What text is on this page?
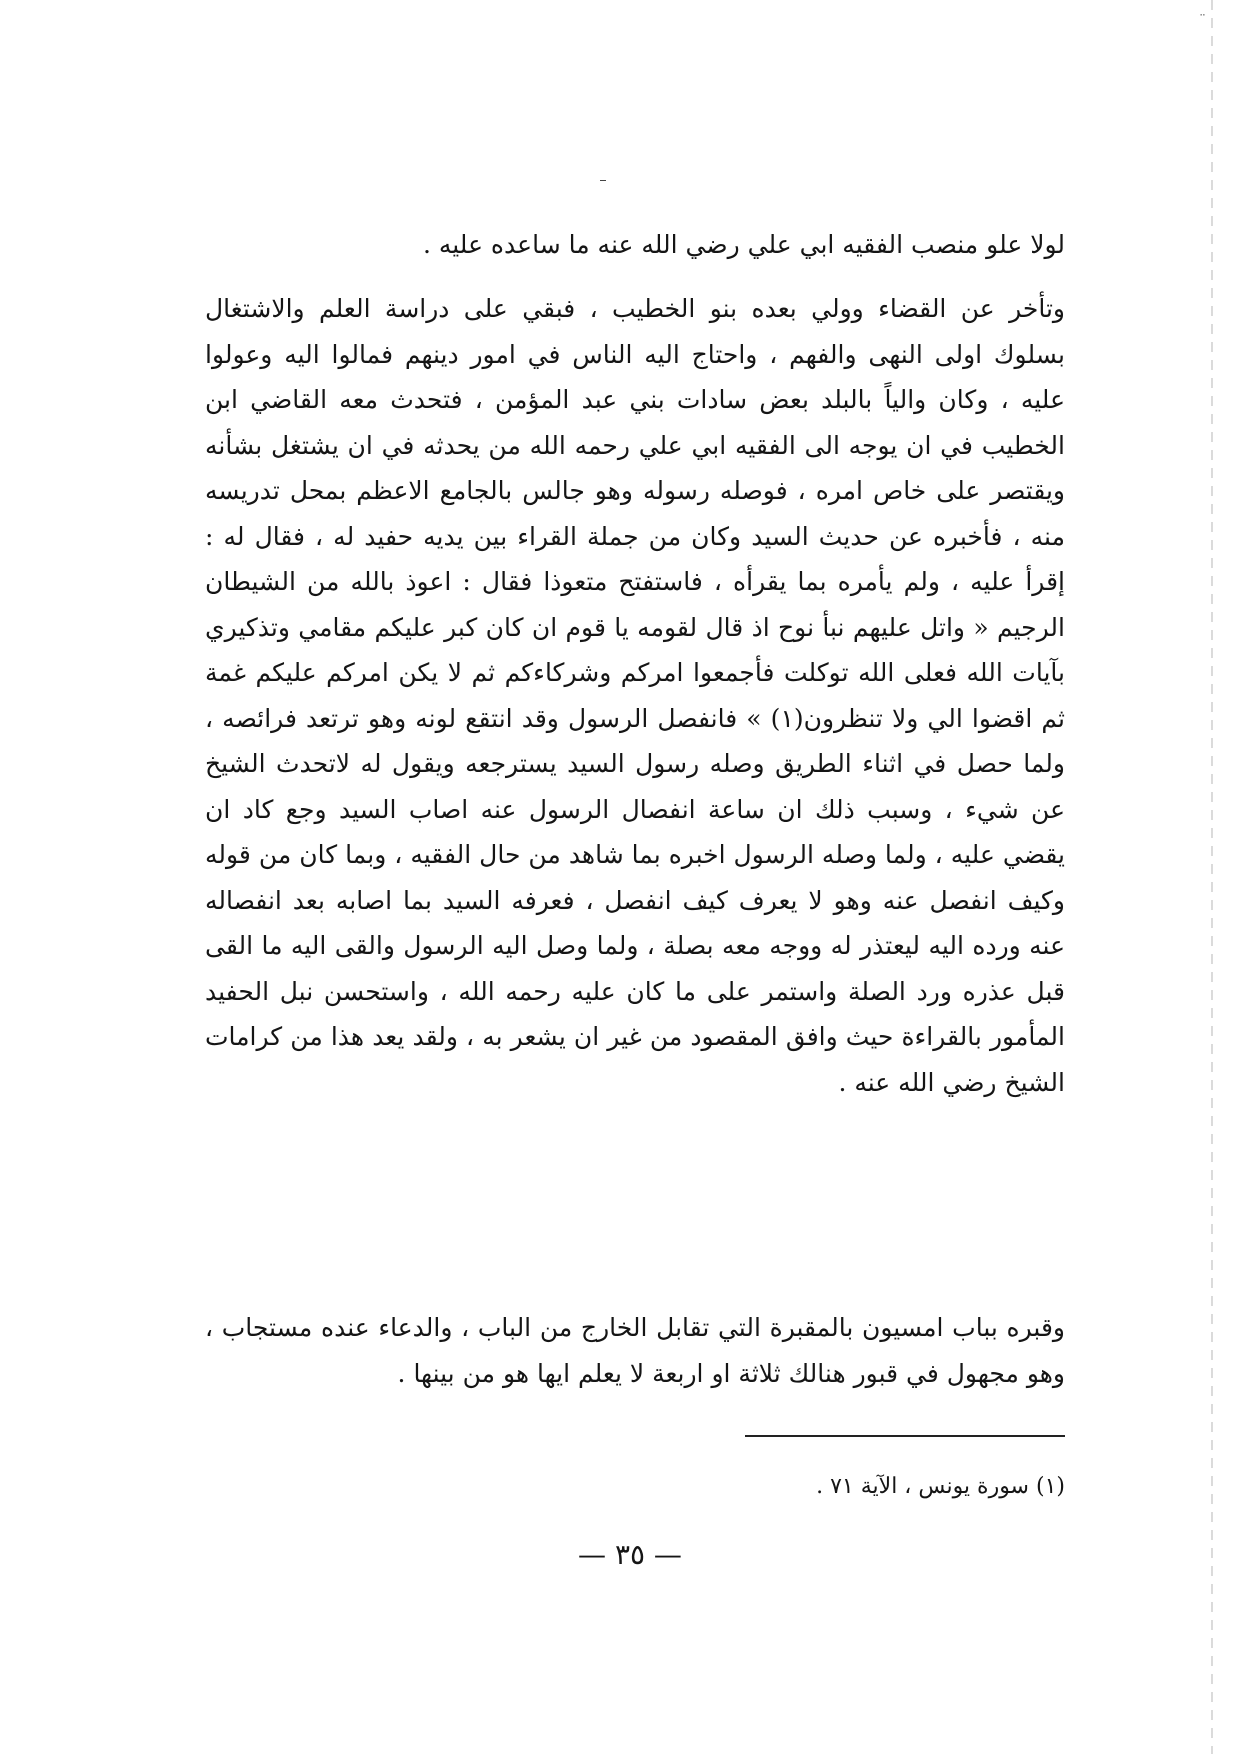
¨

لولا علو منصب الفقيه ابي علي رضي الله عنه ما ساعده عليه .

وتأخر عن القضاء وولي بعده بنو الخطيب ، فبقي على دراسة العلم والاشتغال بسلوك اولى النهى والفهم ، واحتاج اليه الناس في امور دينهم فمالوا اليه وعولوا عليه ، وكان والياً بالبلد بعض سادات بني عبد المؤمن ، فتحدث معه القاضي ابن الخطيب في ان يوجه الى الفقيه ابي علي رحمه الله من يحدثه في ان يشتغل بشأنه ويقتصر على خاص امره ، فوصله رسوله وهو جالس بالجامع الاعظم بمحل تدريسه منه ، فأخبره عن حديث السيد وكان من جملة القراء بين يديه حفيد له ، فقال له : إقرأ عليه ، ولم يأمره بما يقرأه ، فاستفتح متعوذا فقال : اعوذ بالله من الشيطان الرجيم « واتل عليهم نبأ نوح اذ قال لقومه يا قوم ان كان كبر عليكم مقامي وتذكيري بآيات الله فعلى الله توكلت فأجمعوا امركم وشركاءكم ثم لا يكن امركم عليكم غمة ثم اقضوا الي ولا تنظرون(١) » فانفصل الرسول وقد انتقع لونه وهو ترتعد فرائصه ، ولما حصل في اثناء الطريق وصله رسول السيد يسترجعه ويقول له لاتحدث الشيخ عن شيء ، وسبب ذلك ان ساعة انفصال الرسول عنه اصاب السيد وجع كاد ان يقضي عليه ، ولما وصله الرسول اخبره بما شاهد من حال الفقيه ، وبما كان من قوله وكيف انفصل عنه وهو لا يعرف كيف انفصل ، فعرفه السيد بما اصابه بعد انفصاله عنه ورده اليه ليعتذر له ووجه معه بصلة ، ولما وصل اليه الرسول والقى اليه ما القى قبل عذره ورد الصلة واستمر على ما كان عليه رحمه الله ، واستحسن نبل الحفيد المأمور بالقراءة حيث وافق المقصود من غير ان يشعر به ، ولقد يعد هذا من كرامات الشيخ رضي الله عنه .

وقبره بباب امسيون بالمقبرة التي تقابل الخارج من الباب ، والدعاء عنده مستجاب ، وهو مجهول في قبور هنالك ثلاثة او اربعة لا يعلم ايها هو من بينها .

(١) سورة يونس ، الآية ٧١ .
— ٣٥ —
